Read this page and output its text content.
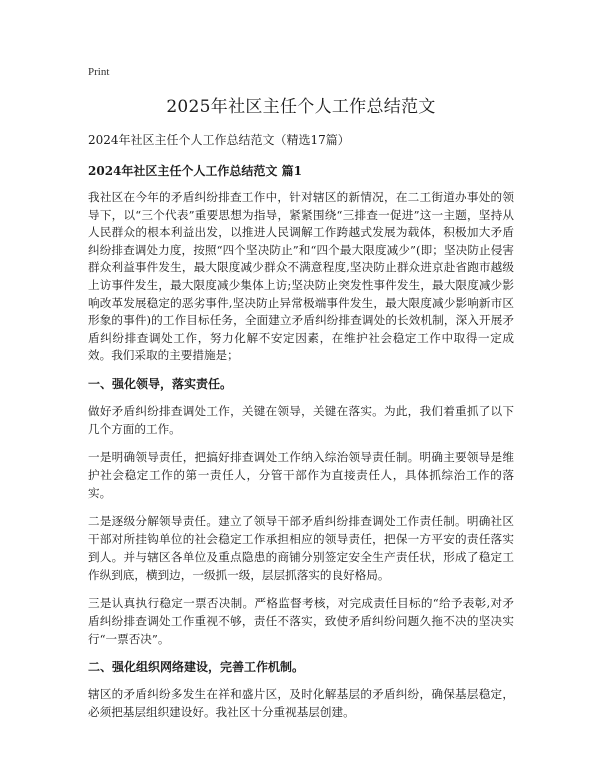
Print
2025年社区主任个人工作总结范文

2024年社区主任个人工作总结范文（精选17篇）

2024年社区主任个人工作总结范文 篇1

我社区在今年的矛盾纠纷排查工作中，针对辖区的新情况，在二工街道办事处的领导下，以“三个代表”重要思想为指导，紧紧围绕“三排查一促进”这一主题，坚持从人民群众的根本利益出发，以推进人民调解工作跨越式发展为载体，积极加大矛盾纠纷排查调处力度，按照“四个坚决防止”和“四个最大限度减少”(即；坚决防止侵害群众利益事件发生，最大限度减少群众不满意程度,坚决防止群众进京赴省跑市越级上访事件发生，最大限度减少集体上访;坚决防止突发性事件发生，最大限度减少影响改革发展稳定的恶劣事件,坚决防止异常极端事件发生，最大限度减少影响新市区形象的事件)的工作目标任务，全面建立矛盾纠纷排查调处的长效机制，深入开展矛盾纠纷排查调处工作，努力化解不安定因素，在维护社会稳定工作中取得一定成效。我们采取的主要措施是；

一、强化领导，落实责任。

做好矛盾纠纷排查调处工作，关键在领导，关键在落实。为此，我们着重抓了以下几个方面的工作。

一是明确领导责任，把搞好排查调处工作纳入综治领导责任制。明确主要领导是维护社会稳定工作的第一责任人，分管干部作为直接责任人，具体抓综治工作的落实。

二是逐级分解领导责任。建立了领导干部矛盾纠纷排查调处工作责任制。明确社区干部对所挂钩单位的社会稳定工作承担相应的领导责任，把保一方平安的责任落实到人。并与辖区各单位及重点隐患的商铺分别签定安全生产责任状，形成了稳定工作纵到底，横到边，一级抓一级，层层抓落实的良好格局。

三是认真执行稳定一票否决制。严格监督考核，对完成责任目标的“给予表彰,对矛盾纠纷排查调处工作重视不够，责任不落实，致使矛盾纠纷问题久拖不决的坚决实行“一票否决”。

二、强化组织网络建设，完善工作机制。

辖区的矛盾纠纷多发生在祥和盛片区，及时化解基层的矛盾纠纷，确保基层稳定，必须把基层组织建设好。我社区十分重视基层创建。
